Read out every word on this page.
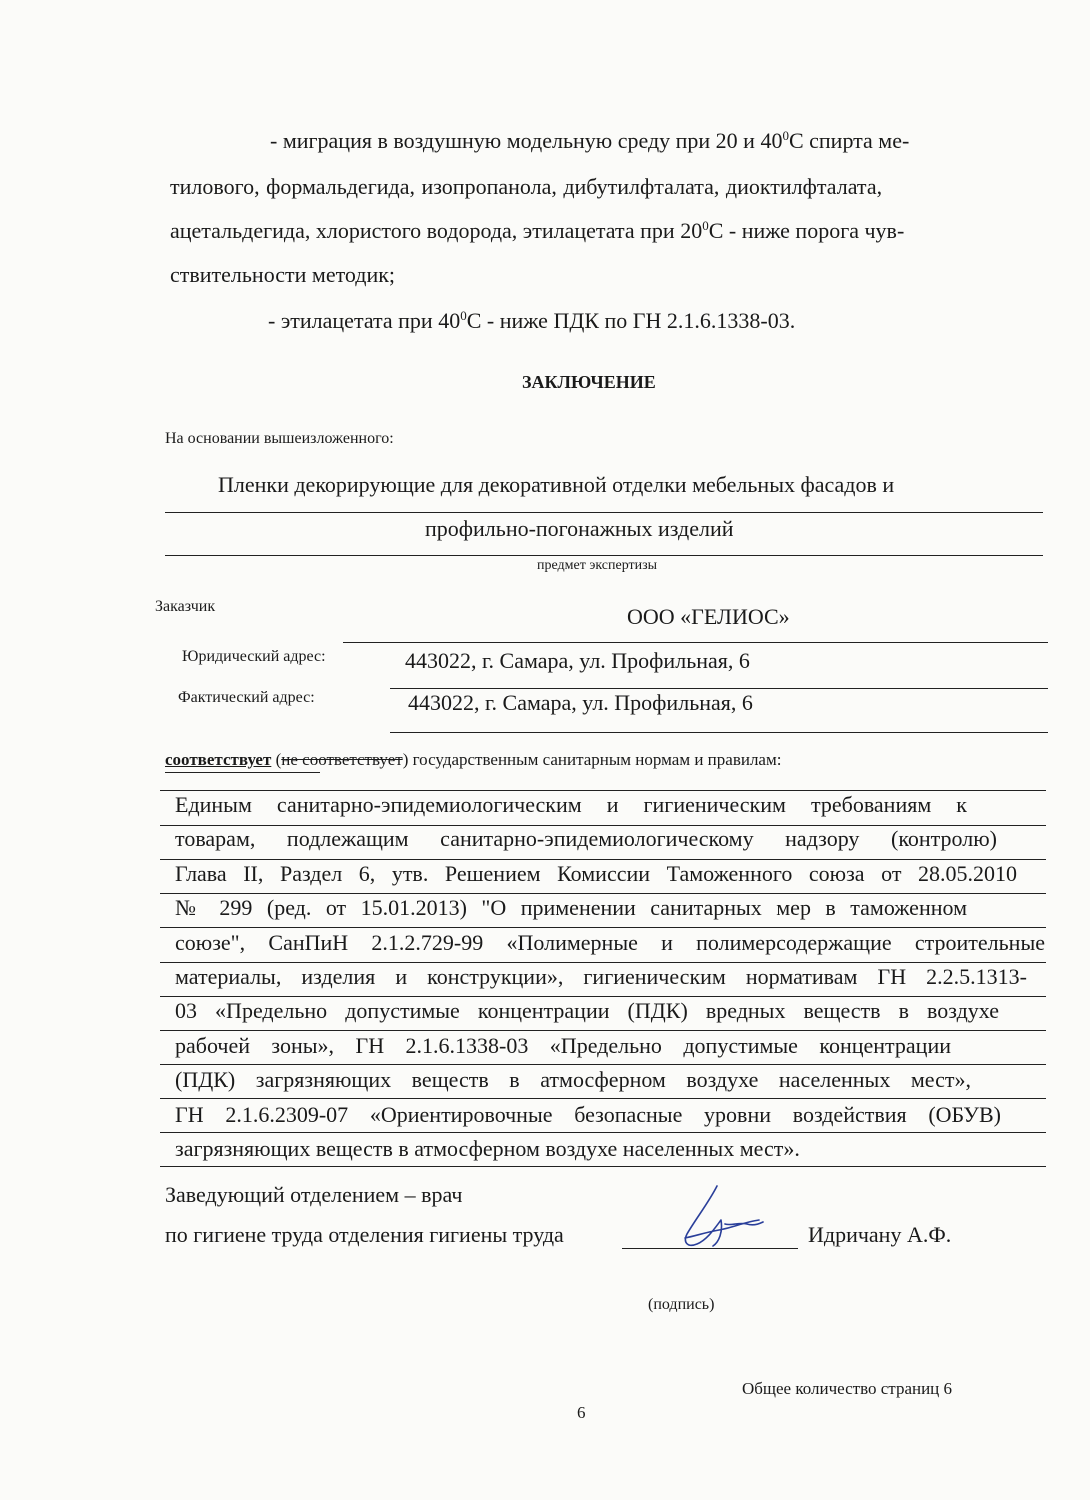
- миграция в воздушную модельную среду при 20 и $40^0С$ спирта ме-
тилового, формальдегида, изопропанола, дибутилфталата, диоктилфталата,
ацетальдегида, хлористого водорода, этилацетата при $20^0С$ - ниже порога чув-
ствительности методик;
- этилацетата при $40^0С$ - ниже ПДК по ГН 2.1.6.1338-03.
ЗАКЛЮЧЕНИЕ
На основании вышеизложенного:
Пленки декорирующие для декоративной отделки мебельных фасадов и
профильно-погонажных изделий
предмет экспертизы
Заказчик	ООО «ГЕЛИОС»
Юридический адрес:	443022, г. Самара, ул. Профильная, 6
Фактический адрес:	443022, г. Самара, ул. Профильная, 6
соответствует (не соответствует) государственным санитарным нормам и правилам:
Единым санитарно-эпидемиологическим и гигиеническим требованиям к
товарам, подлежащим санитарно-эпидемиологическому надзору (контролю)
Глава II, Раздел 6, утв. Решением Комиссии Таможенного союза от 28.05.2010
№ 299 (ред. от 15.01.2013) "О применении санитарных мер в таможенном
союзе", СанПиН 2.1.2.729-99 «Полимерные и полимерсодержащие строительные
материалы, изделия и конструкции», гигиеническим нормативам ГН 2.2.5.1313-
03 «Предельно допустимые концентрации (ПДК) вредных веществ в воздухе
рабочей зоны», ГН 2.1.6.1338-03 «Предельно допустимые концентрации
(ПДК) загрязняющих веществ в атмосферном воздухе населенных мест»,
ГН 2.1.6.2309-07 «Ориентировочные безопасные уровни воздействия (ОБУВ)
загрязняющих веществ в атмосферном воздухе населенных мест».
Заведующий отделением – врач
по гигиене труда отделения гигиены труда	Идричану А.Ф.
(подпись)
Общее количество страниц 6
6
